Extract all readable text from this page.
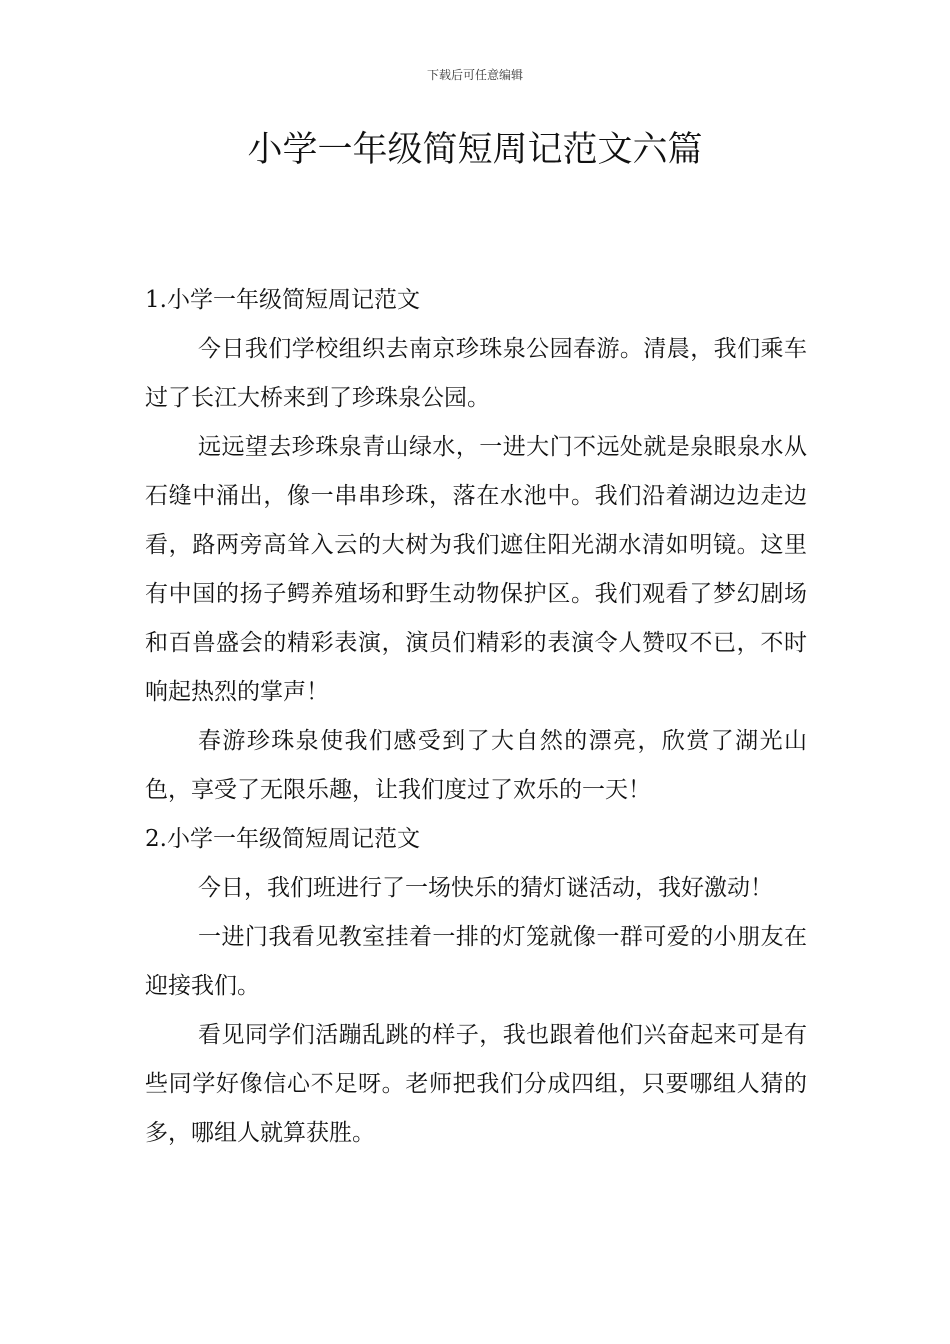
下载后可任意编辑
小学一年级简短周记范文六篇

1.小学一年级简短周记范文

今日我们学校组织去南京珍珠泉公园春游。清晨，我们乘车过了长江大桥来到了珍珠泉公园。

远远望去珍珠泉青山绿水，一进大门不远处就是泉眼泉水从石缝中涌出，像一串串珍珠，落在水池中。我们沿着湖边边走边看，路两旁高耸入云的大树为我们遮住阳光湖水清如明镜。这里有中国的扬子鳄养殖场和野生动物保护区。我们观看了梦幻剧场和百兽盛会的精彩表演，演员们精彩的表演令人赞叹不已，不时响起热烈的掌声！

春游珍珠泉使我们感受到了大自然的漂亮，欣赏了湖光山色，享受了无限乐趣，让我们度过了欢乐的一天！

2.小学一年级简短周记范文

今日，我们班进行了一场快乐的猜灯谜活动，我好激动！

一进门我看见教室挂着一排的灯笼就像一群可爱的小朋友在迎接我们。

看见同学们活蹦乱跳的样子，我也跟着他们兴奋起来可是有些同学好像信心不足呀。老师把我们分成四组，只要哪组人猜的多，哪组人就算获胜。
